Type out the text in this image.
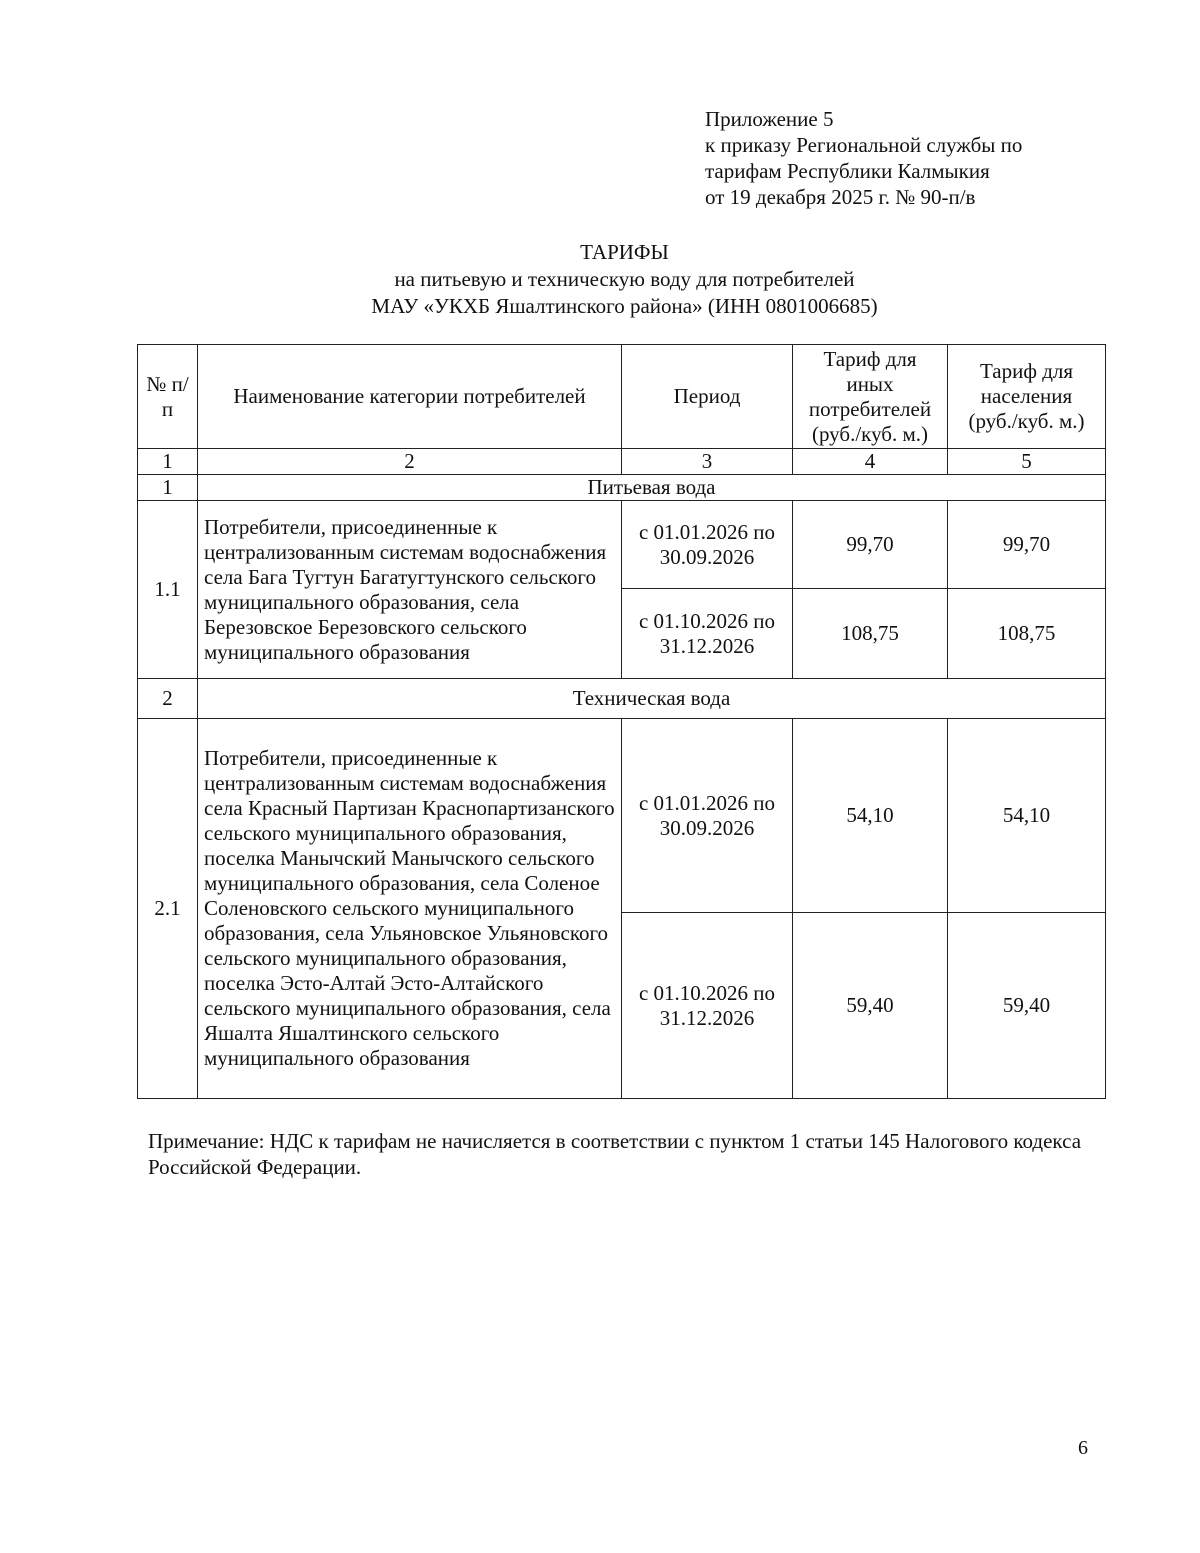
Приложение 5
к приказу Региональной службы по
тарифам Республики Калмыкия
от 19 декабря 2025 г. № 90-п/в
ТАРИФЫ
на питьевую и техническую воду для потребителей
МАУ «УКХБ Яшалтинского района» (ИНН 0801006685)
№ п/п	Наименование категории потребителей	Период	Тариф для иных потребителей (руб./куб. м.)	Тариф для населения (руб./куб. м.)
1	2	3	4	5
1	Питьевая вода			
1.1	Потребители, присоединенные к централизованным системам водоснабжения села Бага Тугтун Багатугтунского сельского муниципального образования, села Березовское Березовского сельского муниципального образования	с 01.01.2026 по 30.09.2026	99,70	99,70
		с 01.10.2026 по 31.12.2026	108,75	108,75
2	Техническая вода			
2.1	Потребители, присоединенные к централизованным системам водоснабжения села Красный Партизан Краснопартизанского сельского муниципального образования, поселка Манычский Манычского сельского муниципального образования, села Соленое Соленовского сельского муниципального образования, села Ульяновское Ульяновского сельского муниципального образования, поселка Эсто-Алтай Эсто-Алтайского сельского муниципального образования, села Яшалта Яшалтинского сельского муниципального образования	с 01.01.2026 по 30.09.2026	54,10	54,10
		с 01.10.2026 по 31.12.2026	59,40	59,40
Примечание: НДС к тарифам не начисляется в соответствии с пунктом 1 статьи 145 Налогового кодекса Российской Федерации.
6
